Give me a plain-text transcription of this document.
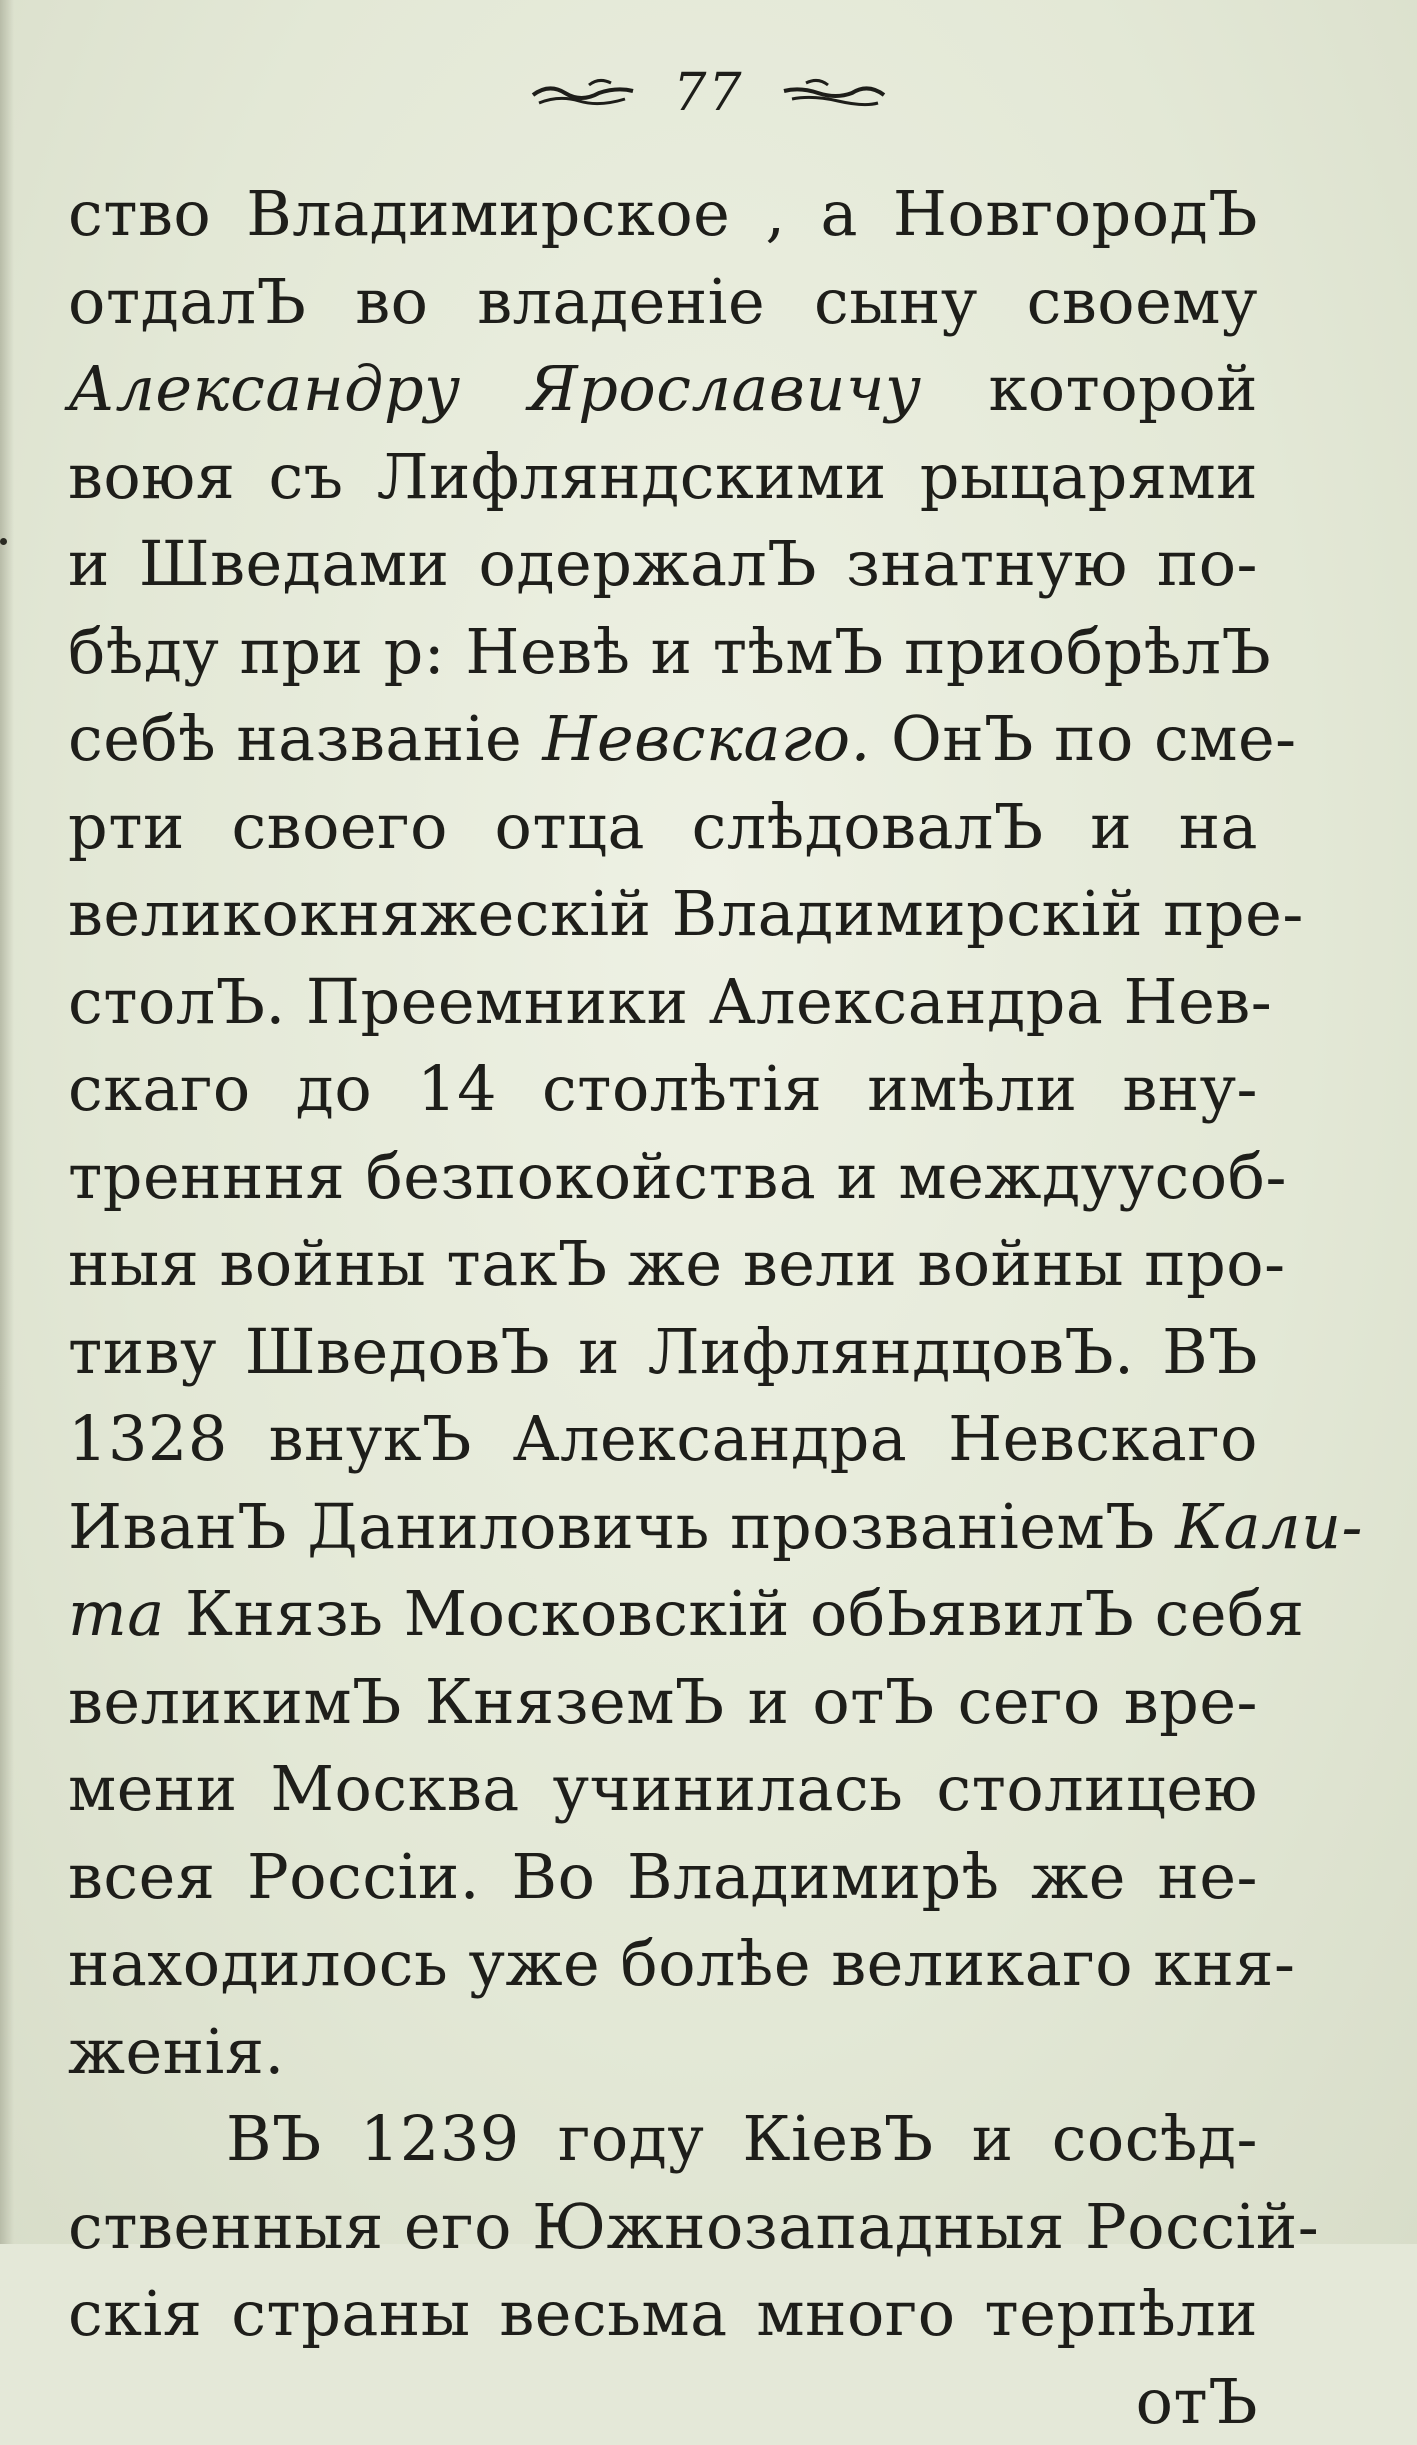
77
ство Владимирское , а НовгородЪ
отдалЪ во владеніе сыну своему
Александру Ярославичу которой
воюя съ Лифляндскими рыцарями
и Шведами одержалЪ знатную по-
бѣду при р: Невѣ и тѣмЪ приобрѣлЪ
себѣ названіе Невскаго. ОнЪ по сме-
рти своего отца слѣдовалЪ и на
великокняжескій Владимирскій пре-
столЪ. Преемники Александра Нев-
скаго до 14 столѣтія имѣли вну-
тренння безпокойства и междуусоб-
ныя войны такЪ же вели войны про-
тиву ШведовЪ и ЛифляндцовЪ. ВЪ
1328 внукЪ Александра Невскаго
ИванЪ Даниловичь прозваніемЪ Кали-
та Князь Московскій обЬявилЪ себя
великимЪ КняземЪ и отЪ сего вре-
мени Москва учинилась столицею
всея Россіи. Во Владимирѣ же не-
находилось уже болѣе великаго кня-
женія.
ВЪ 1239 году КіевЪ и сосѣд-
ственныя его Южнозападныя Россій-
скія страны весьма много терпѣли
отЪ
